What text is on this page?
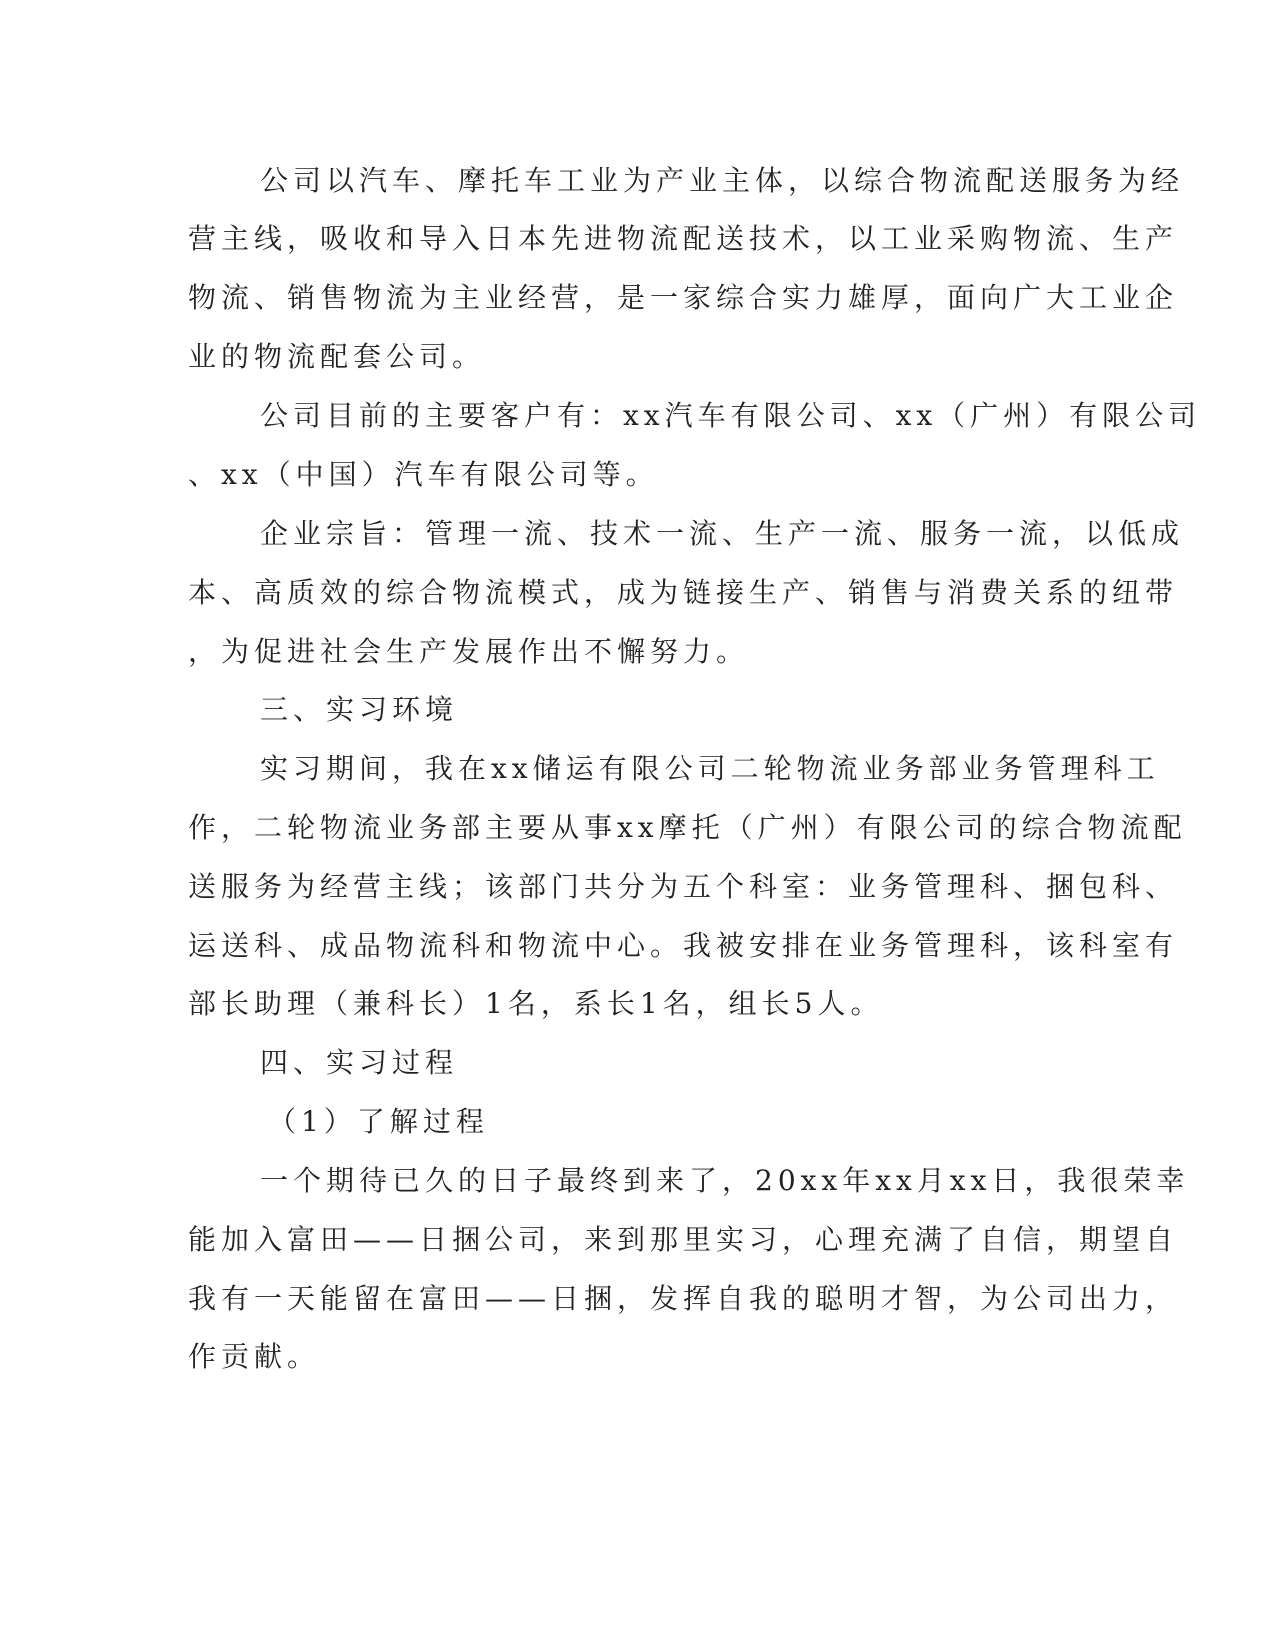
公司以汽车、摩托车工业为产业主体，以综合物流配送服务为经
营主线，吸收和导入日本先进物流配送技术，以工业采购物流、生产
物流、销售物流为主业经营，是一家综合实力雄厚，面向广大工业企
业的物流配套公司。
公司目前的主要客户有：xx汽车有限公司、xx（广州）有限公司
、xx（中国）汽车有限公司等。
企业宗旨：管理一流、技术一流、生产一流、服务一流，以低成
本、高质效的综合物流模式，成为链接生产、销售与消费关系的纽带
，为促进社会生产发展作出不懈努力。
三、实习环境
实习期间，我在xx储运有限公司二轮物流业务部业务管理科工
作，二轮物流业务部主要从事xx摩托（广州）有限公司的综合物流配
送服务为经营主线；该部门共分为五个科室：业务管理科、捆包科、
运送科、成品物流科和物流中心。我被安排在业务管理科，该科室有
部长助理（兼科长）1名，系长1名，组长5人。
四、实习过程
（1）了解过程
一个期待已久的日子最终到来了，20xx年xx月xx日，我很荣幸
能加入富田——日捆公司，来到那里实习，心理充满了自信，期望自
我有一天能留在富田——日捆，发挥自我的聪明才智，为公司出力，
作贡献。
